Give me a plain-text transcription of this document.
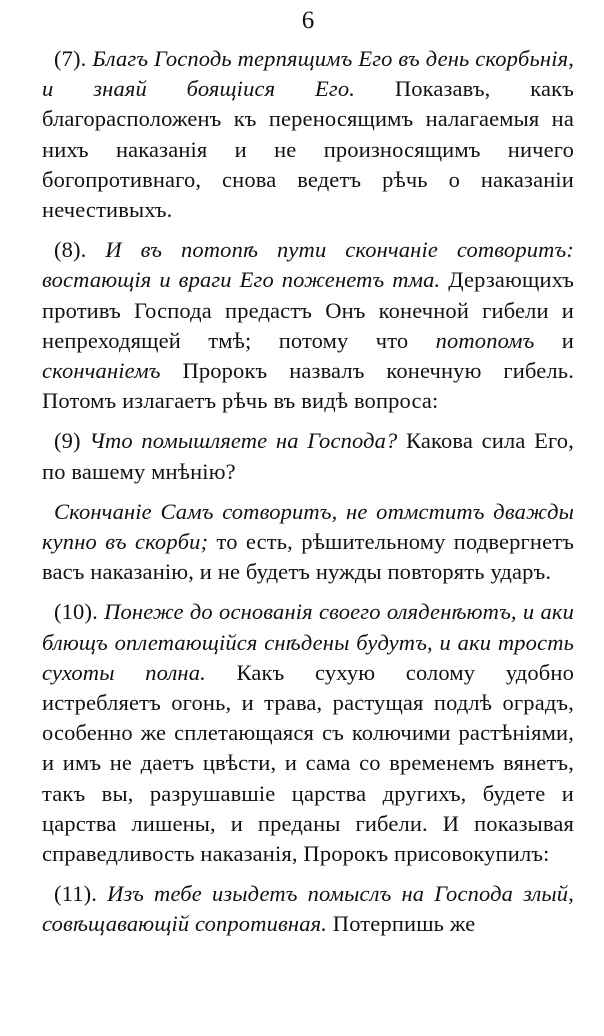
6

(7). Благъ Господь терпящимъ Его въ день скорбьнія, и знаяй боящіися Его. Показавъ, какъ благорасположенъ къ переносящимъ налагаемыя на нихъ наказанія и не произносящимъ ничего богопротивнаго, снова ведетъ рѣчь о наказаніи нечестивыхъ.

(8). И въ потопѣ пути скончаніе сотворитъ: востающія и враги Его поженетъ тма. Дерзающихъ противъ Господа предастъ Онъ конечной гибели и непреходящей тмѣ; потому что потопомъ и скончаніемъ Пророкъ назвалъ конечную гибель. Потомъ излагаетъ рѣчь въ видѣ вопроса:

(9) Что помышляете на Господа? Какова сила Его, по вашему мнѣнію?

Скончаніе Самъ сотворитъ, не отмститъ дважды купно въ скорби; то есть, рѣшительному подвергнетъ васъ наказанію, и не будетъ нужды повторять ударъ.

(10). Понеже до основанія своего оляденѣютъ, и аки блющъ оплетающійся снѣдены будутъ, и аки трость сухоты полна. Какъ сухую солому удобно истребляетъ огонь, и трава, растущая подлѣ оградъ, особенно же сплетающаяся съ колючими растѣніями, и имъ не даетъ цвѣсти, и сама со временемъ вянетъ, такъ вы, разрушавшіе царства другихъ, будете и царства лишены, и преданы гибели. И показывая справедливость наказанія, Пророкъ присовокупилъ:

(11). Изъ тебе изыдетъ помыслъ на Господа злый, совѣщавающій сопротивная. Потерпишь же
